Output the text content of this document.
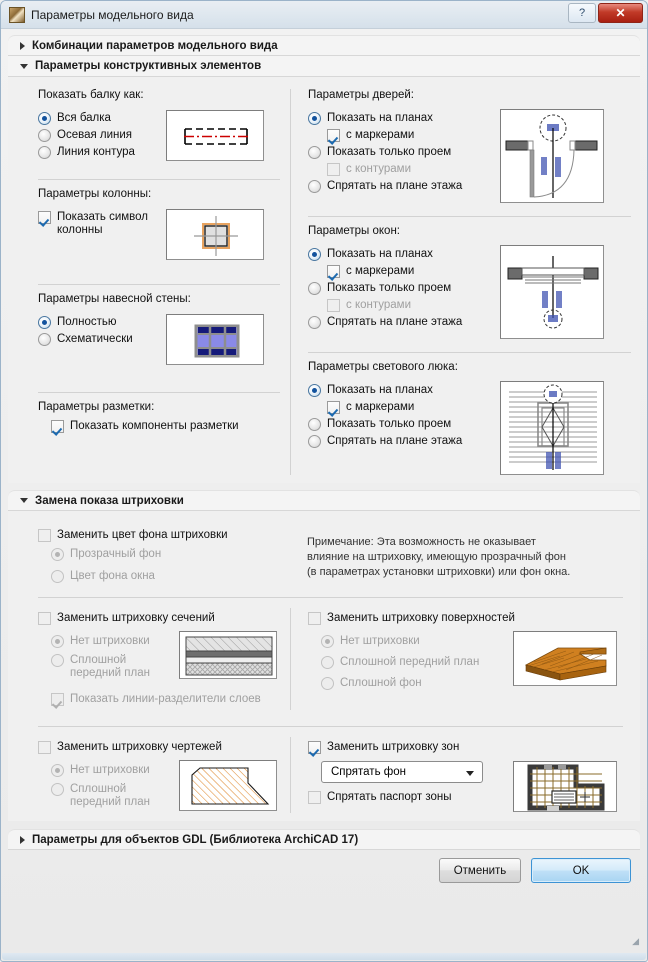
Параметры модельного вида	?	✕
Комбинации параметров модельного вида
Параметры конструктивных элементов
Показать балку как:
Вся балка
Осевая линия
Линия контура
Параметры колонны:
Показать символ колонны
Параметры навесной стены:
Полностью
Схематически
Параметры разметки:
Показать компоненты разметки
Параметры дверей:
Показать на планах
с маркерами
Показать только проем
с контурами
Спрятать на плане этажа
Параметры окон:
Показать на планах
с маркерами
Показать только проем
с контурами
Спрятать на плане этажа
Параметры светового люка:
Показать на планах
с маркерами
Показать только проем
Спрятать на плане этажа
Замена показа штриховки
Заменить цвет фона штриховки
Прозрачный фон
Цвет фона окна
Примечание: Эта возможность не оказывает влияние на штриховку, имеющую прозрачный фон (в параметрах установки штриховки) или фон окна.
Заменить штриховку сечений
Нет штриховки
Сплошной передний план
Показать линии-разделители слоев
Заменить штриховку поверхностей
Нет штриховки
Сплошной передний план
Сплошной фон
Заменить штриховку чертежей
Нет штриховки
Сплошной передний план
Заменить штриховку зон
Спрятать фон
Спрятать паспорт зоны
Параметры для объектов GDL (Библиотека ArchiCAD 17)
Отменить	OK
◢
